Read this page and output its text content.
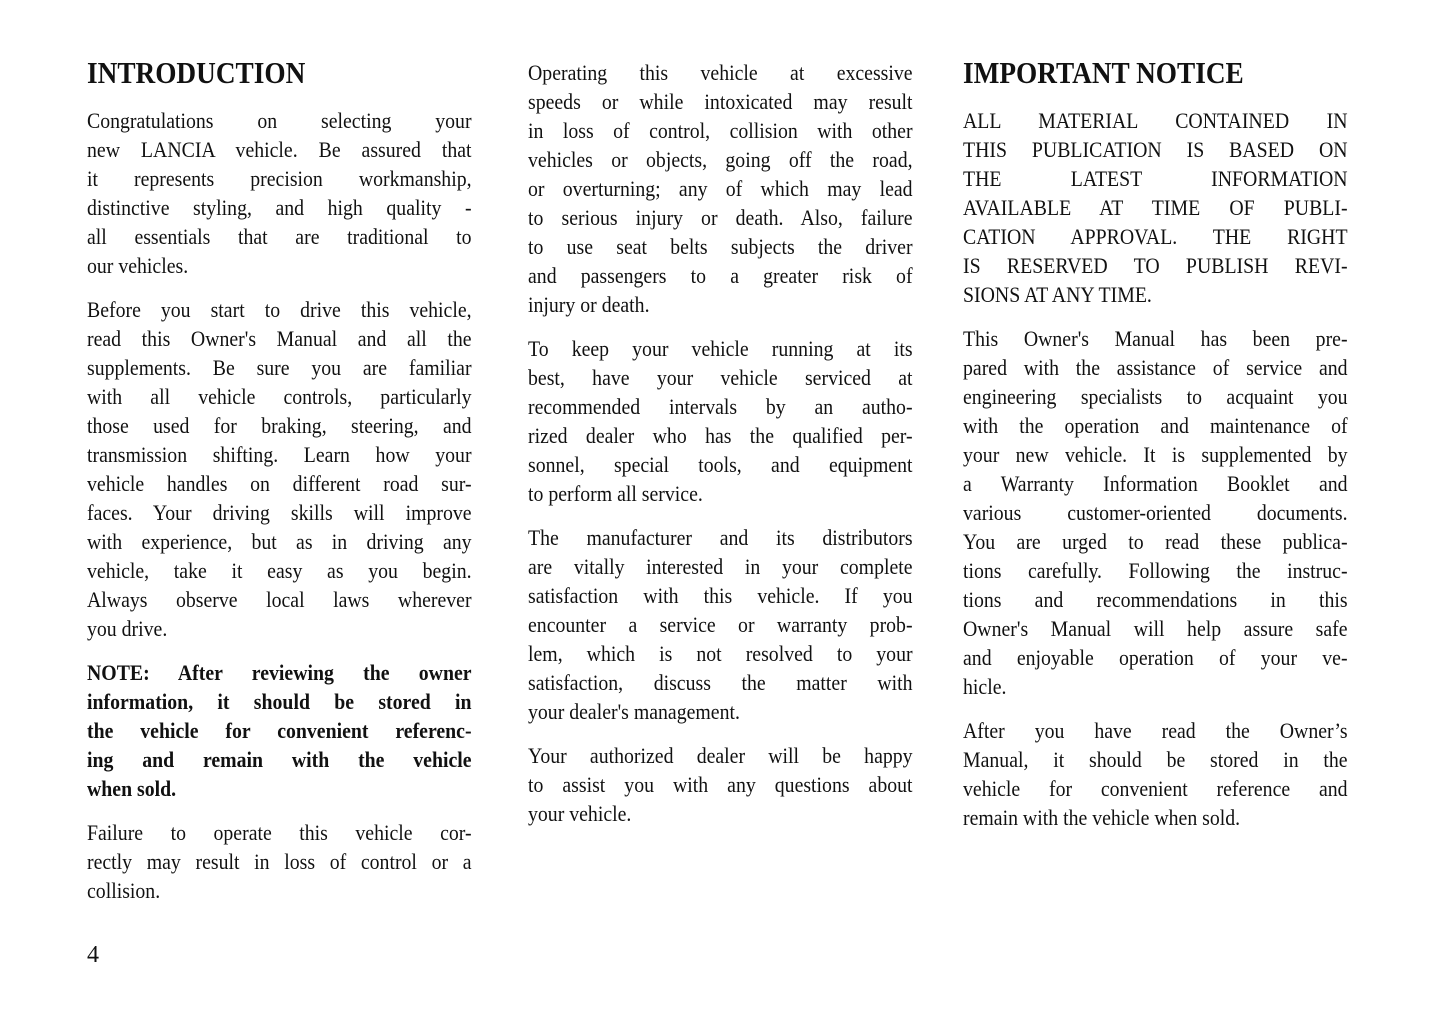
INTRODUCTION
Congratulations on selecting your
new LANCIA vehicle. Be assured that
it represents precision workmanship,
distinctive styling, and high quality -
all essentials that are traditional to
our vehicles.
Before you start to drive this vehicle,
read this Owner's Manual and all the
supplements. Be sure you are familiar
with all vehicle controls, particularly
those used for braking, steering, and
transmission shifting. Learn how your
vehicle handles on different road sur-
faces. Your driving skills will improve
with experience, but as in driving any
vehicle, take it easy as you begin.
Always observe local laws wherever
you drive.
NOTE: After reviewing the owner
information, it should be stored in
the vehicle for convenient referenc-
ing and remain with the vehicle
when sold.
Failure to operate this vehicle cor-
rectly may result in loss of control or a
collision.
Operating this vehicle at excessive
speeds or while intoxicated may result
in loss of control, collision with other
vehicles or objects, going off the road,
or overturning; any of which may lead
to serious injury or death. Also, failure
to use seat belts subjects the driver
and passengers to a greater risk of
injury or death.
To keep your vehicle running at its
best, have your vehicle serviced at
recommended intervals by an autho-
rized dealer who has the qualified per-
sonnel, special tools, and equipment
to perform all service.
The manufacturer and its distributors
are vitally interested in your complete
satisfaction with this vehicle. If you
encounter a service or warranty prob-
lem, which is not resolved to your
satisfaction, discuss the matter with
your dealer's management.
Your authorized dealer will be happy
to assist you with any questions about
your vehicle.
IMPORTANT NOTICE
ALL MATERIAL CONTAINED IN
THIS PUBLICATION IS BASED ON
THE LATEST INFORMATION
AVAILABLE AT TIME OF PUBLI-
CATION APPROVAL. THE RIGHT
IS RESERVED TO PUBLISH REVI-
SIONS AT ANY TIME.
This Owner's Manual has been pre-
pared with the assistance of service and
engineering specialists to acquaint you
with the operation and maintenance of
your new vehicle. It is supplemented by
a Warranty Information Booklet and
various customer-oriented documents.
You are urged to read these publica-
tions carefully. Following the instruc-
tions and recommendations in this
Owner's Manual will help assure safe
and enjoyable operation of your ve-
hicle.
After you have read the Owner’s
Manual, it should be stored in the
vehicle for convenient reference and
remain with the vehicle when sold.
4
